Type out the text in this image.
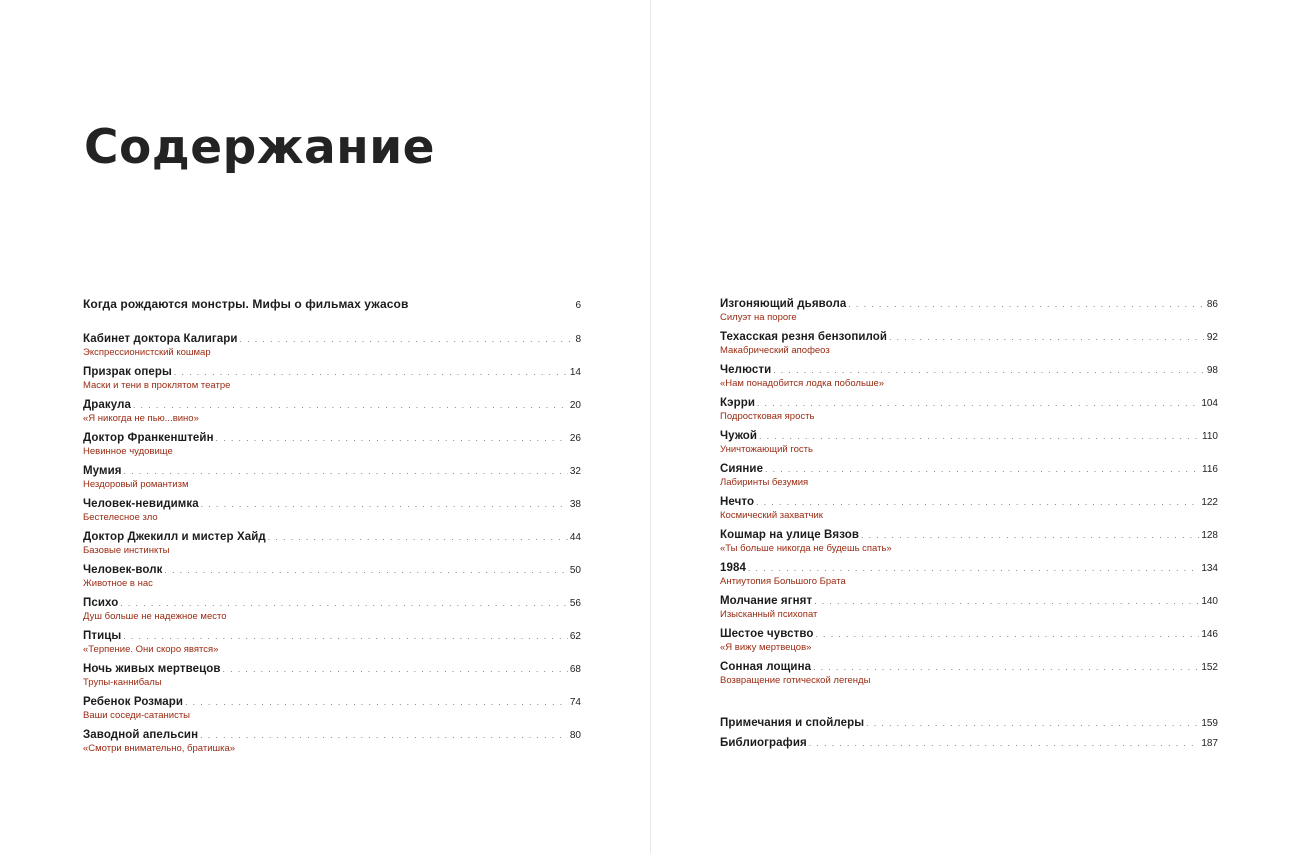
Содержание
Когда рождаются монстры. Мифы о фильмах ужасов	6
Кабинет доктора Калигари . . .	8
Экспрессионистский кошмар
Призрак оперы . . .	14
Маски и тени в проклятом театре
Дракула . . .	20
«Я никогда не пью...вино»
Доктор Франкенштейн . . .	26
Невинное чудовище
Мумия . . .	32
Нездоровый романтизм
Человек-невидимка . . .	38
Бестелесное зло
Доктор Джекилл и мистер Хайд . . .	44
Базовые инстинкты
Человек-волк . . .	50
Животное в нас
Психо . . .	56
Душ больше не надежное место
Птицы . . .	62
«Терпение. Они скоро явятся»
Ночь живых мертвецов . . .	68
Трупы-каннибалы
Ребенок Розмари . . .	74
Ваши соседи-сатанисты
Заводной апельсин . . .	80
«Смотри внимательно, братишка»
Изгоняющий дьявола . . .	86
Силуэт на пороге
Техасская резня бензопилой . . .	92
Макабрический апофеоз
Челюсти . . .	98
«Нам понадобится лодка побольше»
Кэрри . . .	104
Подростковая ярость
Чужой . . .	110
Уничтожающий гость
Сияние . . .	116
Лабиринты безумия
Нечто . . .	122
Космический захватчик
Кошмар на улице Вязов . . .	128
«Ты больше никогда не будешь спать»
1984 . . .	134
Антиутопия Большого Брата
Молчание ягнят . . .	140
Изысканный психопат
Шестое чувство . . .	146
«Я вижу мертвецов»
Сонная лощина . . .	152
Возвращение готической легенды
Примечания и спойлеры . . .	159
Библиография . . .	187
